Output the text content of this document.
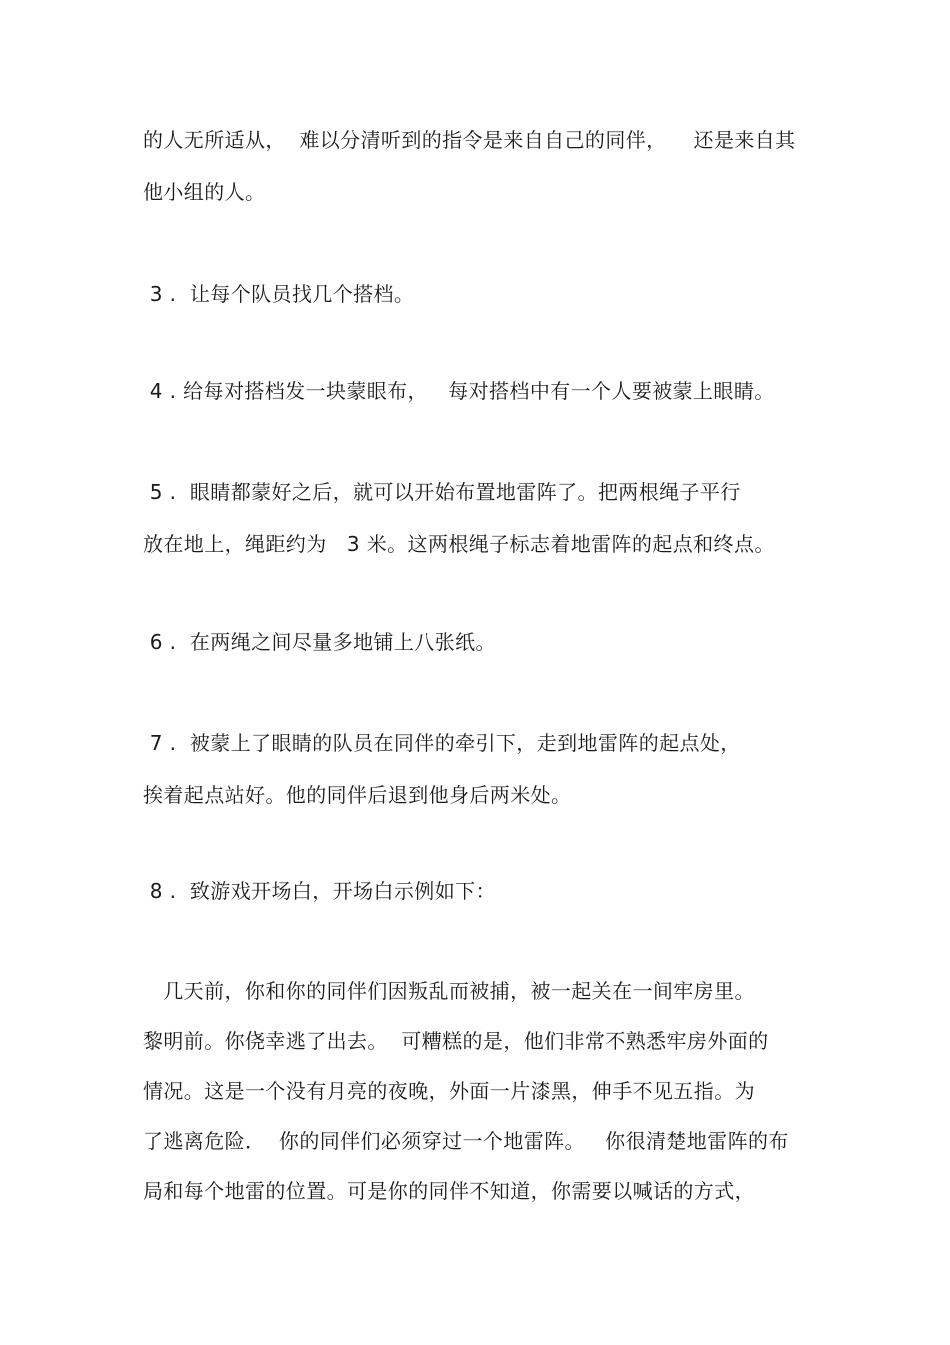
的人无所适从，  难以分清听到的指令是来自自己的同伴，    还是来自其
他小组的人。
3 .  让每个队员找几个搭档。
4 . 给每对搭档发一块蒙眼布，   每对搭档中有一个人要被蒙上眼睛。
5 .  眼睛都蒙好之后，就可以开始布置地雷阵了。把两根绳子平行
放在地上，绳距约为   3 米。这两根绳子标志着地雷阵的起点和终点。
6 .  在两绳之间尽量多地铺上八张纸。
7 .  被蒙上了眼睛的队员在同伴的牵引下，走到地雷阵的起点处，
挨着起点站好。他的同伴后退到他身后两米处。
8 .  致游戏开场白，开场白示例如下：
几天前，你和你的同伴们因叛乱而被捕，被一起关在一间牢房里。
黎明前。你侥幸逃了出去。  可糟糕的是，他们非常不熟悉牢房外面的
情况。这是一个没有月亮的夜晚，外面一片漆黑，伸手不见五指。为
了逃离危险．  你的同伴们必须穿过一个地雷阵。   你很清楚地雷阵的布
局和每个地雷的位置。可是你的同伴不知道，你需要以喊话的方式，
